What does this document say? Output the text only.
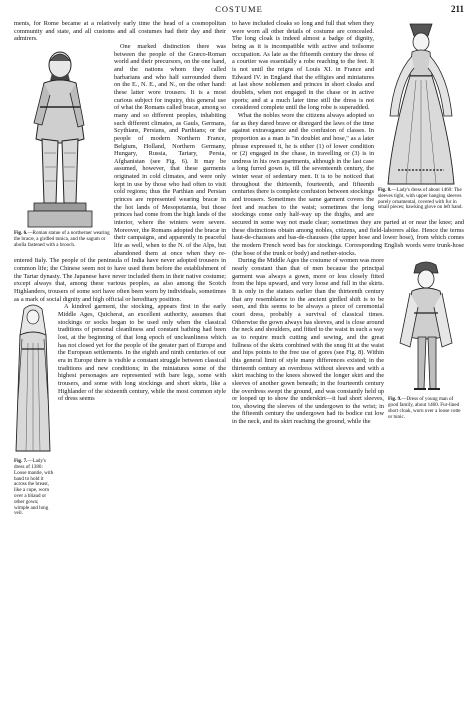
COSTUME	211

ments, for Rome became at a relatively early time the head of a cosmopolitan community and state, and all customs and all costumes had their day and their admirers.

Fig. 6.—Roman statue of a northerner wearing the bracæ, a girdled tunica, and the sagum or abolla fastened with a brooch.

One marked distinction there was between the people of the Græco-Roman world and their precursors, on the one hand, and the nations whom they called barbarians and who half surrounded them on the E., N. E., and N., on the other hand: these latter wore trousers. It is a most curious subject for inquiry, this general use of what the Romans called bracæ, among so many and so different peoples, inhabiting such different climates, as Gauls, Germans, Scythians, Persians, and Parthians; or the people of modern Northern France, Belgium, Holland, Northern Germany, Hungary, Russia, Tartary, Persia, Afghanistan (see Fig. 6). It may be assumed, however, that these garments originated in cold climates, and were only kept in use by those who had often to visit cold regions; thus the Parthian and Persian princes are represented wearing bracæ in the hot lands of Mesopotamia, but those princes had come from the high lands of the interior, where the winters were severe. Moreover, the Romans adopted the bracæ in their campaigns, and apparently in peaceful life as well, when to the N. of the Alps, but abandoned them at once when they re-entered Italy. The people of the peninsula of India have never adopted trousers in common life; the Chinese seem not to have used them before the establishment of the Tartar dynasty. The Japanese have never included them in their native costume; except always that, among these various peoples, as also among the Scotch Highlanders, trousers of some sort have often been worn by individuals, sometimes as a mark of social dignity and high official or hereditary position.

Fig. 7.—Lady's dress of 1380: Loose mantle, with band to hold it across the breast, like a cope, worn over a bliaud or other gown; wimple and long veil.

A kindred garment, the stocking, appears first in the early Middle Ages, Quicherat, an excellent authority, assumes that stockings or socks began to be used only when the classical traditions of personal cleanliness and constant bathing had been lost, at the beginning of that long epoch of uncleanliness which has not closed yet for the people of the greater part of Europe and the European settlements. In the eighth and ninth centuries of our era in Europe there is visible a constant struggle between classical traditions and new conditions; in the miniatures some of the highest personages are represented with bare legs, some with trousers, and some with long stockings and short skirts, like a Highlander of the sixteenth century, while the most common style of dress seems

Fig. 8.—Lady's dress of about 1460: The sleeves tight, with upper hanging sleeves purely ornamental, covered with fur in small pieces; hawking glove on left hand.

to have included cloaks so long and full that when they were worn all other details of costume are concealed. The long cloak is indeed almost a badge of dignity, being as it is incompatible with active and toilsome occupation. As late as the fifteenth century the dress of a courtier was essentially a robe reaching to the feet. It is not until the reigns of Louis XI. in France and Edward IV. in England that the effigies and miniatures at last show noblemen and princes in short cloaks and doublets, when not engaged in the chase or in active sports; and at a much later time still the dress is not considered complete until the long robe is superadded.

What the nobles wore the citizens always adopted so far as they dared brave or disregard the laws of the time against extravagance and the confusion of classes. In proportion as a man is "in doublet and hose," as a later phrase expressed it, he is either (1) of lower condition or (2) engaged in the chase, in travelling or (3) is in undress in his own apartments, although in the last case a long furred gown is, till the seventeenth century, the winter wear of sedentary men. It is to be noticed that throughout the thirteenth, fourteenth, and fifteenth centuries there is complete confusion between stockings and trousers. Sometimes the same garment covers the feet and reaches to the waist; sometimes the long stockings come only half-way up the thighs, and are secured in some way not made clear; sometimes they are parted at or near the knee; and these distinctions obtain among nobles, citizens, and field-laborers alike. Hence the terms haut-de-chausses and bas-de-chausses (the upper hose and lower hose), from which comes the modern French word bas for stockings. Corresponding English words were trunk-hose (the hose of the trunk or body) and nether-stocks.

Fig. 9.—Dress of young man of good family, about 1460. Fur-lined short cloak, worn over a loose cotte or tunic.

During the Middle Ages the costume of women was more nearly constant than that of men because the principal garment was always a gown, more or less closely fitted from the hips upward, and very loose and full in the skirts. It is only in the statues earlier than the thirteenth century that any resemblance to the ancient girdled shift is to be seen, and this seems to be always a piece of ceremonial court dress, probably a survival of classical times. Otherwise the gown always has sleeves, and is close around the neck and shoulders, and fitted to the waist in such a way as to require much cutting and sewing, and the great fullness of the skirts combined with the snug fit at the waist and hips points to the free use of gores (see Fig. 8). Within this general limit of style many differences existed; in the thirteenth century an overdress without sleeves and with a skirt reaching to the knees showed the longer skirt and the sleeves of another gown beneath; in the fourteenth century the overdress swept the ground, and was constantly held up or looped up to show the underskirt—it had short sleeves, too, showing the sleeves of the undergown to the wrist; in the fifteenth century the undergown had its bodice cut low in the neck, and its skirt reaching the ground, while the
